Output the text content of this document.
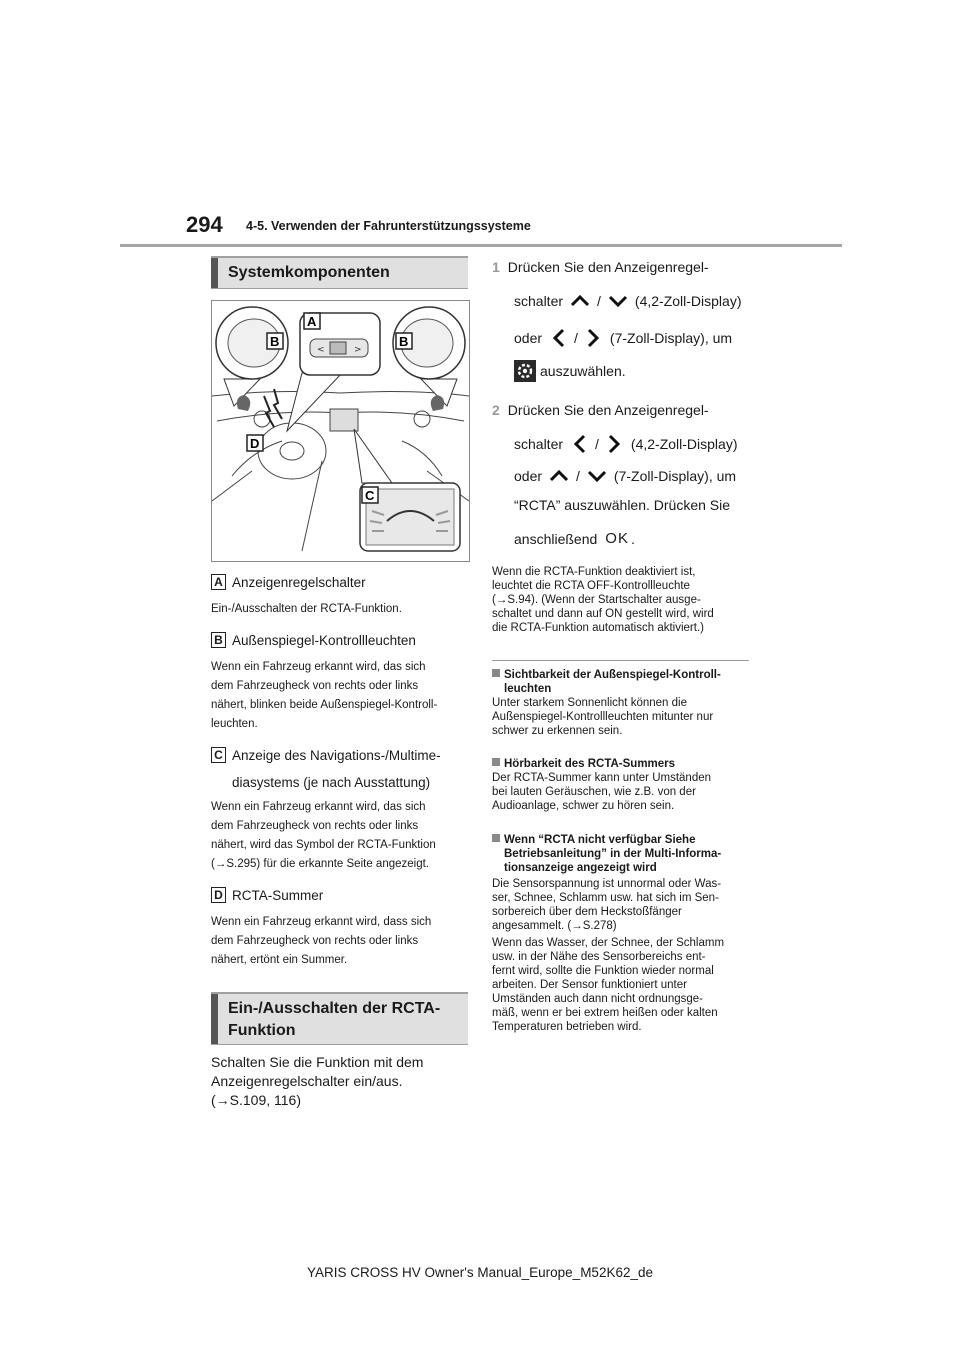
294 4-5. Verwenden der Fahrunterstützungssysteme
Systemkomponenten
<	>
A
B	B
C
D
A Anzeigenregelschalter
Ein-/Ausschalten der RCTA-Funktion.
B Außenspiegel-Kontrollleuchten
Wenn ein Fahrzeug erkannt wird, das sich
dem Fahrzeugheck von rechts oder links
nähert, blinken beide Außenspiegel-Kontroll-
leuchten.
C Anzeige des Navigations-/Multime-
diasystems (je nach Ausstattung)
Wenn ein Fahrzeug erkannt wird, das sich
dem Fahrzeugheck von rechts oder links
nähert, wird das Symbol der RCTA-Funktion
(→S.295) für die erkannte Seite angezeigt.
D RCTA-Summer
Wenn ein Fahrzeug erkannt wird, dass sich
dem Fahrzeugheck von rechts oder links
nähert, ertönt ein Summer.
Ein-/Ausschalten der RCTA-
Funktion
Schalten Sie die Funktion mit dem
Anzeigenregelschalter ein/aus.
(→S.109, 116)
1 Drücken Sie den Anzeigenregel-
schalter / (4,2-Zoll-Display)
oder / (7-Zoll-Display), um
auszuwählen.
2 Drücken Sie den Anzeigenregel-
schalter / (4,2-Zoll-Display)
oder / (7-Zoll-Display), um
“RCTA” auszuwählen. Drücken Sie
anschließend OK .
Wenn die RCTA-Funktion deaktiviert ist,
leuchtet die RCTA OFF-Kontrollleuchte
(→S.94). (Wenn der Startschalter ausge-
schaltet und dann auf ON gestellt wird, wird
die RCTA-Funktion automatisch aktiviert.)
Sichtbarkeit der Außenspiegel-Kontroll-
leuchten
Unter starkem Sonnenlicht können die
Außenspiegel-Kontrollleuchten mitunter nur
schwer zu erkennen sein.
Hörbarkeit des RCTA-Summers
Der RCTA-Summer kann unter Umständen
bei lauten Geräuschen, wie z.B. von der
Audioanlage, schwer zu hören sein.
Wenn “RCTA nicht verfügbar Siehe
Betriebsanleitung” in der Multi-Informa-
tionsanzeige angezeigt wird
Die Sensorspannung ist unnormal oder Was-
ser, Schnee, Schlamm usw. hat sich im Sen-
sorbereich über dem Heckstoßfänger
angesammelt. (→S.278)
Wenn das Wasser, der Schnee, der Schlamm
usw. in der Nähe des Sensorbereichs ent-
fernt wird, sollte die Funktion wieder normal
arbeiten. Der Sensor funktioniert unter
Umständen auch dann nicht ordnungsge-
mäß, wenn er bei extrem heißen oder kalten
Temperaturen betrieben wird.
YARIS CROSS HV Owner's Manual_Europe_M52K62_de
